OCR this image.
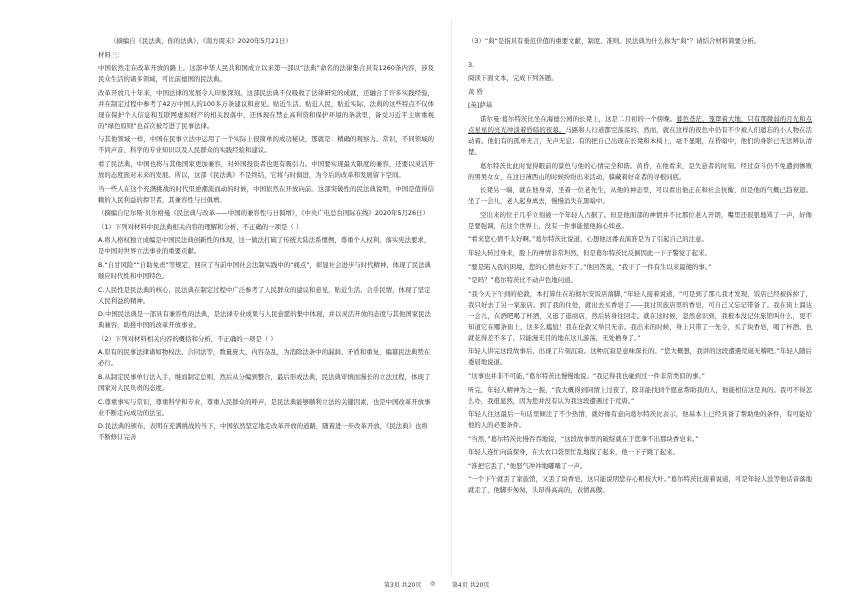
（摘编自《民法典，你的法典》，《南方周末》2020年5月21日）

材料三：

中国依然走在改革开放的路上。这部中华人民共和国成立以来第一部以“法典”命名的法律集合具有1260条内容，涉及民众生活的诸多领域，可比前德国的民法典。

改革开放几十年来，中国法律的发展令人印象深刻。这部民法典不仅吸收了法律研究的成就，还融合了许多实践经验，并在制定过程中参考了42万中国人的100多万条建议和意见。贴近生活、贴近人民，贴近实际，法典的这些特点不仅体现在保护个人信息和互联网虚拟财产的相关段落中，还体现在禁止高利贷和保护环境的条款里，备受习近平主席重视的“绿色原则”也首次被写进了民事法律。

与其他领域一样，中国在民事立法中运用了一个实际上很简单的成功秘诀，那就是：精确的观察力、常识，不同领域的不同声音、科学的专业知识以及人民群众的实践经验和建议。

看了民法典，中国也将与其他国家更加兼容，对外国投资者也更有吸引力。中国要实现最大限度的兼容，还要以灵活开放的态度面对未来的发展。所以，这部《民法典》不是终结，它将与时俱进，为今后的改革和发展留下空间。

当一些人在这个充满挑战的时代里逆潮流而动的时候，中国依然在开放向前。这部突破性的民法典说明，中国是值得信赖的人民利益的捍卫者，其兼容性与日俱增。

（摘编自尼尔斯·贝尔格曼《民法典与改革——中国的兼容性与日俱增》，《中央广电总台国际在线》2020年5月26日）

（1）下列对材料中民法典相关内容的理解和分析，不正确的一项是（ ）

A.将人格权独立成编是中国民法典创新性的体现，这一做法打破了传统大陆法系惯例，尊重个人权利，落实宪法要求，是中国对世界立法事业的重要贡献。

B.“自甘风险”“自助免责”等规定，回应了当前中国社会法制实践中的“痛点”，彰显社会进步与时代精神，体现了民法典顺应时代性和中国特色。

C.人民性是民法典的核心，民法典在制定过程中广泛参考了人民群众的建议和意见，贴近生活、合乎民情，体现了坚定人民利益的精神。

D.中国民法典是一部具有兼容性的法典，是法律专业成果与人民意愿的集中体现，并以灵活开放的态度与其他国家民法典兼容，助推中国的改革开放事业。

（2）下列对材料相关内容的概括和分析，不正确的一项是（ ）

A.原有的民事法律诸如物权法、合同法等，数量庞大、内容杂乱，为消除法条中的漏洞、矛盾和重复，编纂民法典势在必行。

B.从制定民事单行法入手，继而制定总则，然后从分编到整合，最后形成法典，民法典审慎而漫长的立法过程，体现了国家对人民负责的态度。

C.尊重事实与常识，尊重科学和专业，尊重人民群众的呼声，是民法典能够顺利立法的关键因素，也是中国改革开放事业不断走向成功的法宝。

D.民法典的颁布，表明在充满挑战的当下，中国依然坚定地走改革开放的道路，随着进一步改革开放，《民法典》也将不断修订完善

（3）“典”是指具有垂范价值的重要文献、制度、准则。民法典为什么称为“典”？请结合材料简要分析。

3.

阅读下面文本，完成下列各题。

黄 昏

[英]萨基

诺尔曼·葛尔特茨比坐在海德公园的长凳上，这是二月初的一个傍晚。暮色苍茫，笼罩着大地，只有那微弱的月光和点点星星的亮光冲淡着昏暗的夜幕。马路和人行道都空荡荡的。然而，就在这样的夜色中仍有不少被人们遗忘的小人物在活动着。他们有的孤单无言，无声无息；有的把自己出现在长凳和木椅上，毫不显眼，在昏暗中，他们的身影已无法辨认清楚。

葛尔特茨比此时觉得眼前的景色与他的心情完全和谐。黄昏，在他看来，是失意者的时刻。经过奋斗仍不免遭到惨败的男男女女，在这日薄西山的时候纷纷出来活动，躲藏着好奇者的寻根问底。

长凳另一端，就在他身旁，坐着一位老先生，从他的神态里，可以看出他正在和社会抗衡，但是他的气概已趋衰退。坐了一会儿，老人起身离去，慢慢消失在黑暗中。

空出来的位子几乎立刻被一个年轻人占据了。但是他面部的神情并不比那位老人开朗，嘴里还很狠地骂了一声，好像是要强调，在这个世界上，没有一件事能使他称心如意。

“看来您心情不太好啊。”葛尔特茨比说道，心想他这番表演准是为了引起自己的注意。

年轻人转过身来，脸上的神情非常坦然，但是葛尔特茨比反倒因此一下子警觉了起来。

“要是陷入我的困境，您的心情也好不了，”他回答说，“我干了一件有生以来最傻的事。”

“是吗？”葛尔特茨比不动声色地问道。

“我今天下午到的伦敦，本打算住在珀彻尔安饭店落脚，”年轻人接着说道，“可是到了那儿我才发现，饭店已经被拆掉了，我只好去了另一家旅店。到了我的住处，就出去买香皂了——我讨厌旅店里的香皂，可自己又忘记带备了。我在街上溜达一会儿，在酒吧喝了杯酒，又逛了逛商店，然后转身往回走。就在这时候，忽然意识到，我根本没记住旅馆叫什么，更不知道它在哪条街上，这多么尴尬！我在伦敦又举目无亲。我出来的时候，身上只带了一先令，买了块香皂，喝了杯酒，也就花得差不多了，只能漫无目的地在这儿游荡，无处栖身了。”

年轻人讲完这段故事后，出现了片刻沉寂。这种沉寂是意味深长的。“您大概想，我讲的这段遭遇荒诞无稽吧。”年轻人随后委屈地说道。

“这事也并非不可能，”葛尔特茨比慢慢地说。“我记得我也碰到过一件非常类似的事。”

听完，年轻人精神为之一振，“我大概得到同情上过夜了，除非能找到个愿意帮助我的人，他能相信这是真的。我可不得怎么办，我很显然，因为您并没有认为我这段遭遇过于荒唐。”

年轻人往这最后一句话里倾注了不少热情，就好像有意向葛尔特茨比表示，他基本上已经具备了帮助他的条件，有可能给他的人的必要条件。

“当然，”葛尔特茨比慢吞吞地说，“这段故事里的破绽就在于您拿不出那块香皂来。”

年轻人连忙向前探身，在大衣口袋里忙乱地摸了起来，他一下子跳了起来。

“准把它丢了，”他怒气冲冲地嘟囔了一声。

“一个下午就丢了家旅馆，又丢了块香皂，这只能说明您存心粗枝大叶。”葛尔特茨比接着说道，可是年轻人没等他话音落地就走了，他脚步匆匆，头昂得高高的，表情高傲。

第3页 共20页 ◎	第4页 共20页
